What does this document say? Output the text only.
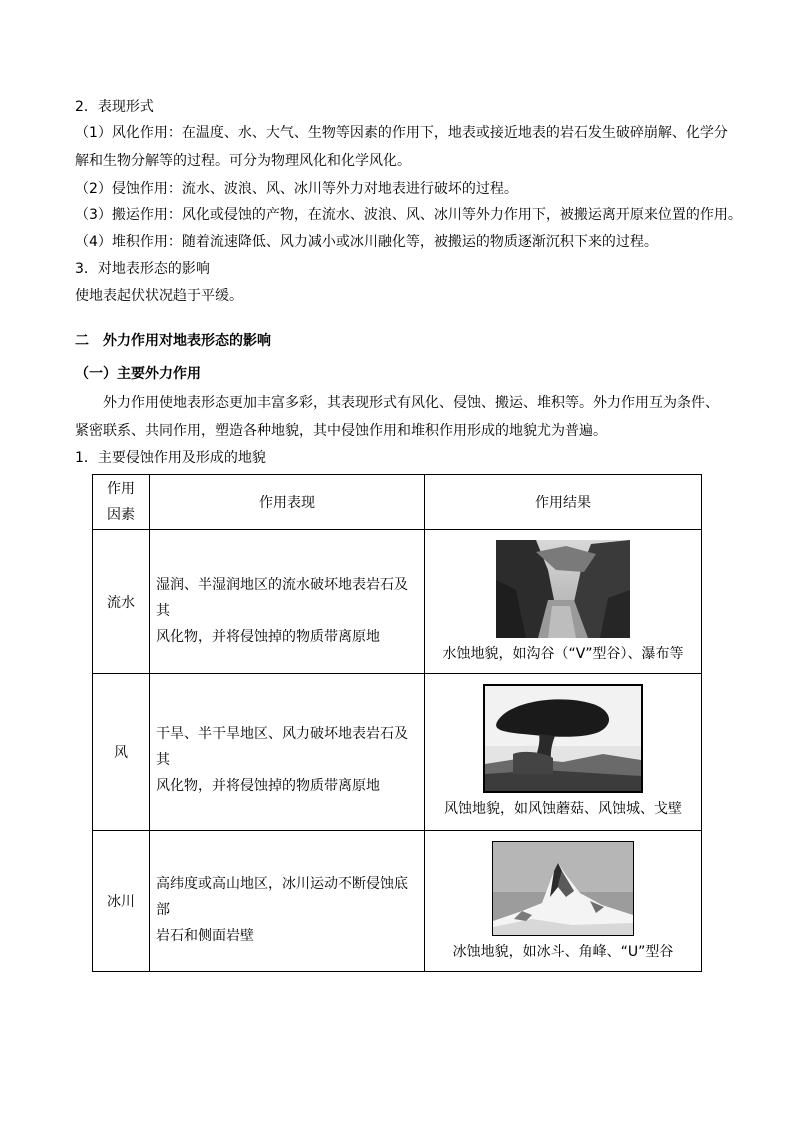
2．表现形式
（1）风化作用：在温度、水、大气、生物等因素的作用下，地表或接近地表的岩石发生破碎崩解、化学分
解和生物分解等的过程。可分为物理风化和化学风化。
（2）侵蚀作用：流水、波浪、风、冰川等外力对地表进行破坏的过程。
（3）搬运作用：风化或侵蚀的产物，在流水、波浪、风、冰川等外力作用下，被搬运离开原来位置的作用。
（4）堆积作用：随着流速降低、风力减小或冰川融化等，被搬运的物质逐渐沉积下来的过程。
3．对地表形态的影响
使地表起伏状况趋于平缓。
二　外力作用对地表形态的影响
（一）主要外力作用
外力作用使地表形态更加丰富多彩，其表现形式有风化、侵蚀、搬运、堆积等。外力作用互为条件、
紧密联系、共同作用，塑造各种地貌，其中侵蚀作用和堆积作用形成的地貌尤为普遍。
1．主要侵蚀作用及形成的地貌
作用
因素	作用表现	作用结果
流水	湿润、半湿润地区的流水破坏地表岩石及其
风化物，并将侵蚀掉的物质带离原地	水蚀地貌，如沟谷（“V”型谷）、瀑布等

风	干旱、半干旱地区、风力破坏地表岩石及其
风化物，并将侵蚀掉的物质带离原地	风蚀地貌，如风蚀蘑菇、风蚀城、戈壁

冰川	高纬度或高山地区，冰川运动不断侵蚀底部
岩石和侧面岩壁	冰蚀地貌，如冰斗、角峰、“U”型谷
